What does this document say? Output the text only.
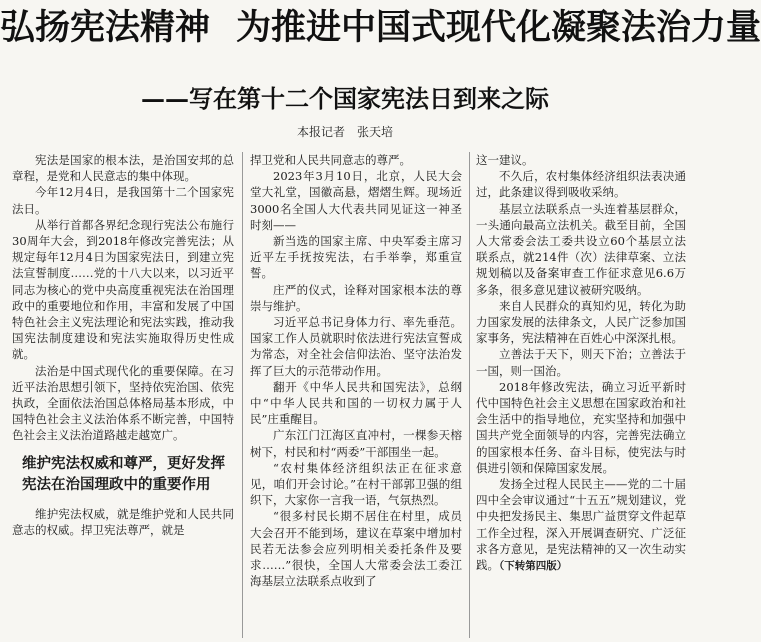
弘扬宪法精神 为推进中国式现代化凝聚法治力量
——写在第十二个国家宪法日到来之际
本报记者 张天培

宪法是国家的根本法，是治国安邦的总章程，是党和人民意志的集中体现。

今年12月4日，是我国第十二个国家宪法日。

从举行首都各界纪念现行宪法公布施行30周年大会，到2018年修改完善宪法；从规定每年12月4日为国家宪法日，到建立宪法宣誓制度……党的十八大以来，以习近平同志为核心的党中央高度重视宪法在治国理政中的重要地位和作用，丰富和发展了中国特色社会主义宪法理论和宪法实践，推动我国宪法制度建设和宪法实施取得历史性成就。

法治是中国式现代化的重要保障。在习近平法治思想引领下，坚持依宪治国、依宪执政，全面依法治国总体格局基本形成，中国特色社会主义法治体系不断完善，中国特色社会主义法治道路越走越宽广。

维护宪法权威和尊严，更好发挥宪法在治国理政中的重要作用

维护宪法权威，就是维护党和人民共同意志的权威。捍卫宪法尊严，就是

捍卫党和人民共同意志的尊严。

2023年3月10日，北京，人民大会堂大礼堂，国徽高悬，熠熠生辉。现场近3000名全国人大代表共同见证这一神圣时刻——

新当选的国家主席、中央军委主席习近平左手抚按宪法，右手举拳，郑重宣誓。

庄严的仪式，诠释对国家根本法的尊崇与维护。

习近平总书记身体力行、率先垂范。国家工作人员就职时依法进行宪法宣誓成为常态，对全社会信仰法治、坚守法治发挥了巨大的示范带动作用。

翻开《中华人民共和国宪法》，总纲中“中华人民共和国的一切权力属于人民”庄重醒目。

广东江门江海区直冲村，一棵参天榕树下，村民和村“两委”干部围坐一起。

“农村集体经济组织法正在征求意见，咱们开会讨论。”在村干部郭卫强的组织下，大家你一言我一语，气氛热烈。

“很多村民长期不居住在村里，成员大会召开不能到场，建议在草案中增加村民若无法参会应列明相关委托条件及要求……”很快，全国人大常委会法工委江海基层立法联系点收到了

这一建议。

不久后，农村集体经济组织法表决通过，此条建议得到吸收采纳。

基层立法联系点一头连着基层群众，一头通向最高立法机关。截至目前，全国人大常委会法工委共设立60个基层立法联系点，就214件（次）法律草案、立法规划稿以及备案审查工作征求意见6.6万多条，很多意见建议被研究吸纳。

来自人民群众的真知灼见，转化为助力国家发展的法律条文，人民广泛参加国家事务，宪法精神在百姓心中深深扎根。

立善法于天下，则天下治；立善法于一国，则一国治。

2018年修改宪法，确立习近平新时代中国特色社会主义思想在国家政治和社会生活中的指导地位，充实坚持和加强中国共产党全面领导的内容，完善宪法确立的国家根本任务、奋斗目标，使宪法与时俱进引领和保障国家发展。

发扬全过程人民民主——党的二十届四中全会审议通过“十五五”规划建议，党中央把发扬民主、集思广益贯穿文件起草工作全过程，深入开展调查研究、广泛征求各方意见，是宪法精神的又一次生动实践。（下转第四版）
